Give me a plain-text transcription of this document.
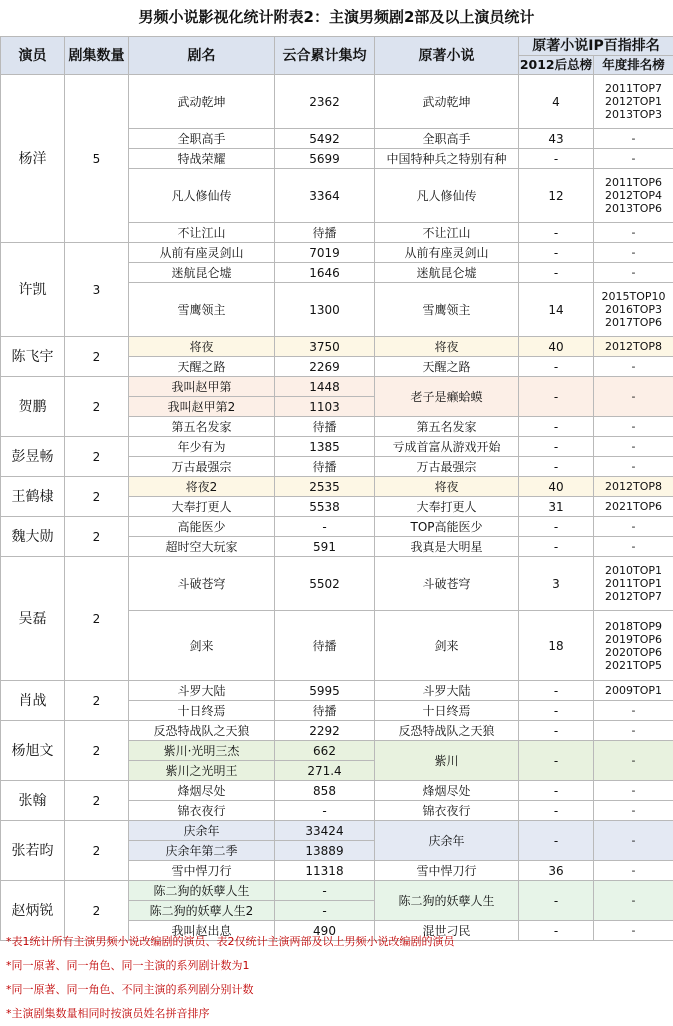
男频小说影视化统计附表2：主演男频剧2部及以上演员统计
演员	剧集数量	剧名	云合累计集均	原著小说	原著小说IP百指排名	
					2012后总榜	年度排名榜
杨洋	5	武动乾坤	2362	武动乾坤	4	2011TOP7
2012TOP1
2013TOP3

		全职高手	5492	全职高手	43	-

		特战荣耀	5699	中国特种兵之特别有种	-	-

		凡人修仙传	3364	凡人修仙传	12	2011TOP6
2012TOP4
2013TOP6

		不让江山	待播	不让江山	-	-

许凯	3	从前有座灵剑山	7019	从前有座灵剑山	-	-

		迷航昆仑墟	1646	迷航昆仑墟	-	-

		雪鹰领主	1300	雪鹰领主	14	2015TOP10
2016TOP3
2017TOP6

陈飞宇	2	将夜	3750	将夜	40	2012TOP8

		天醒之路	2269	天醒之路	-	-

贺鹏	2	我叫赵甲第	1448	老子是癞蛤蟆	-	-

		我叫赵甲第2	1103			
		第五名发家	待播	第五名发家	-	-

彭昱畅	2	年少有为	1385	亏成首富从游戏开始	-	-

		万古最强宗	待播	万古最强宗	-	-

王鹤棣	2	将夜2	2535	将夜	40	2012TOP8

		大奉打更人	5538	大奉打更人	31	2021TOP6

魏大勋	2	高能医少	-	TOP高能医少	-	-

		超时空大玩家	591	我真是大明星	-	-

吴磊	2	斗破苍穹	5502	斗破苍穹	3	2010TOP1
2011TOP1
2012TOP7

		剑来	待播	剑来	18	2018TOP9
2019TOP6
2020TOP6
2021TOP5

肖战	2	斗罗大陆	5995	斗罗大陆	-	2009TOP1

		十日终焉	待播	十日终焉	-	-

杨旭文	2	反恐特战队之天狼	2292	反恐特战队之天狼	-	-

		紫川·光明三杰	662	紫川	-	-

		紫川之光明王	271.4			
张翰	2	烽烟尽处	858	烽烟尽处	-	-

		锦衣夜行	-	锦衣夜行	-	-

张若昀	2	庆余年	33424	庆余年	-	-

		庆余年第二季	13889			
		雪中悍刀行	11318	雪中悍刀行	36	-

赵炳锐	2	陈二狗的妖孽人生	-	陈二狗的妖孽人生	-	-

		陈二狗的妖孽人生2	-			
		我叫赵出息	490	混世刁民	-	-
*表1统计所有主演男频小说改编剧的演员、表2仅统计主演两部及以上男频小说改编剧的演员
*同一原著、同一角色、同一主演的系列剧计数为1
*同一原著、同一角色、不同主演的系列剧分别计数
*主演剧集数量相同时按演员姓名拼音排序
